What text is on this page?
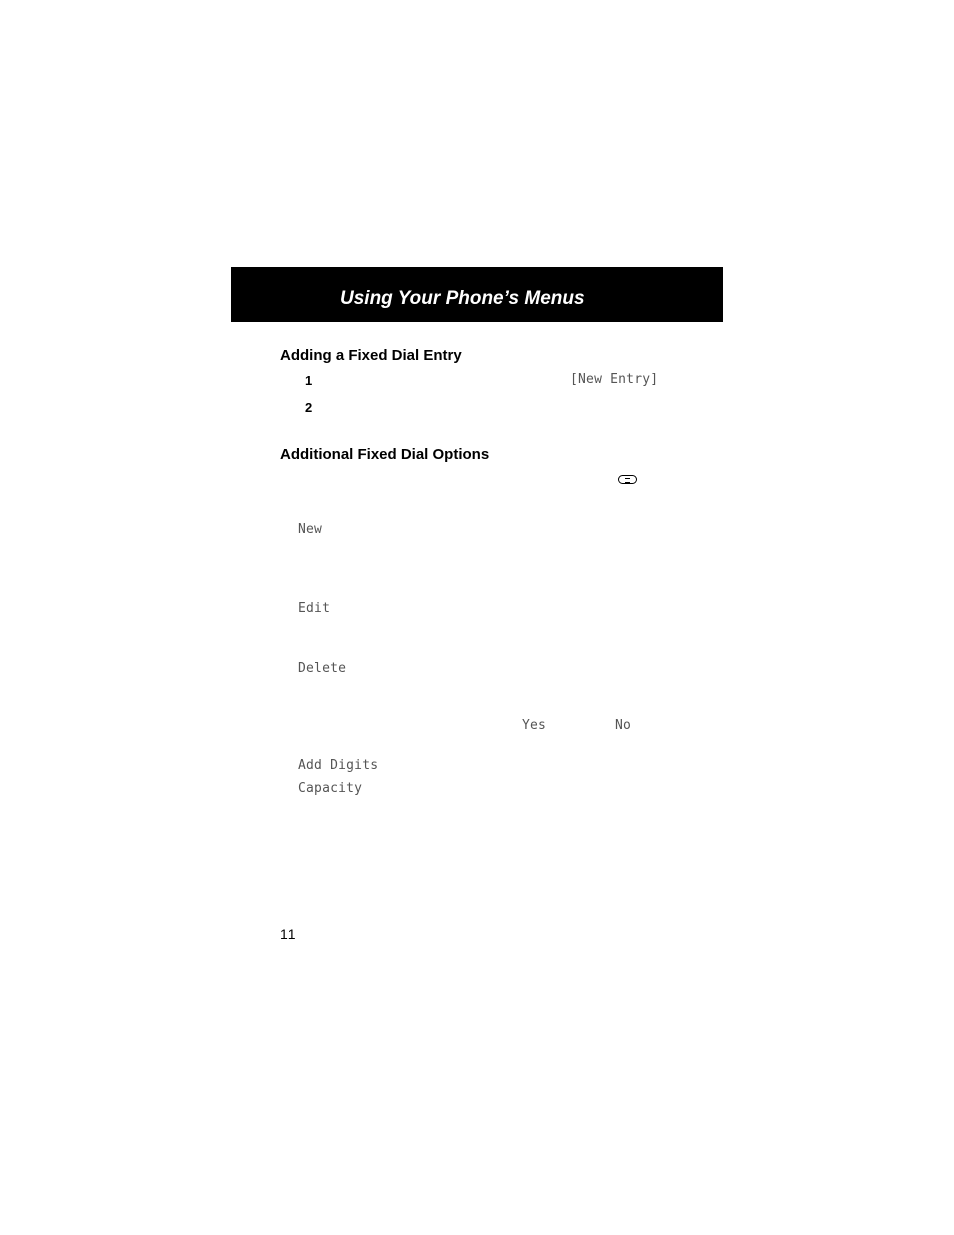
Using Your Phone’s Menus
Adding a Fixed Dial Entry
1	[New Entry]
2
Additional Fixed Dial Options
New
Edit
Delete
Yes	No
Add Digits
Capacity
11
